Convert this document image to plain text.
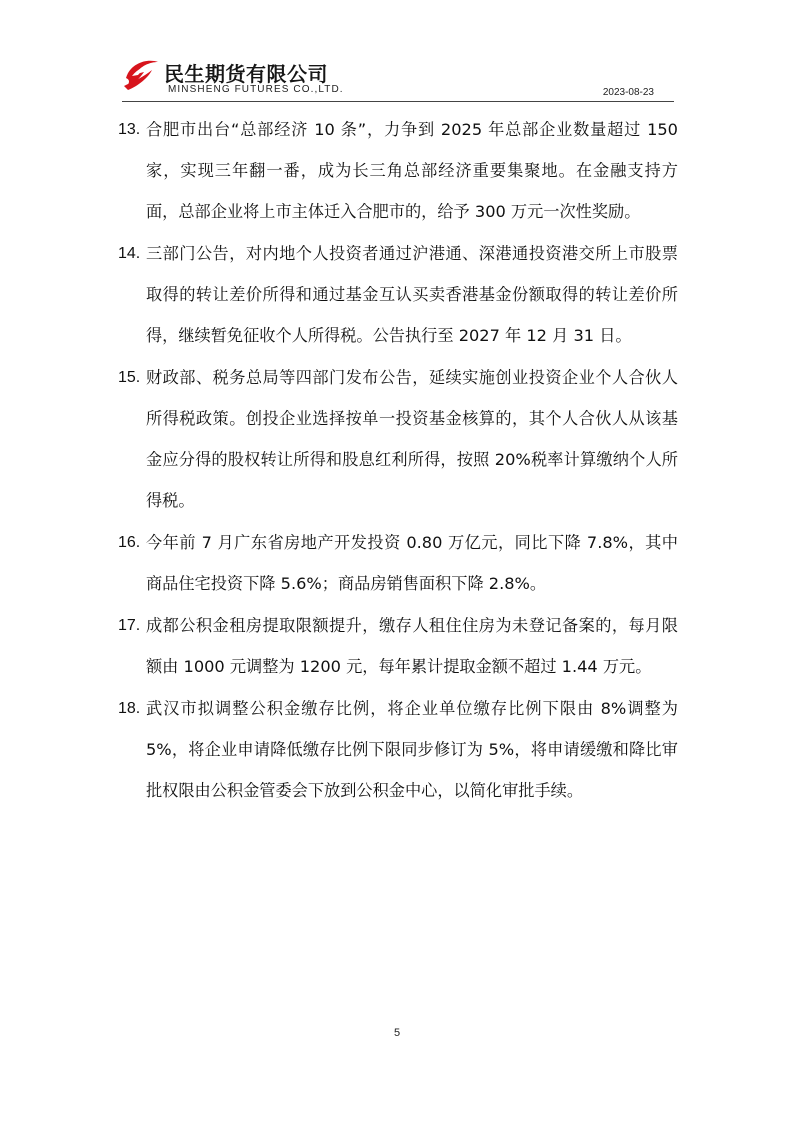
民生期货有限公司
MINSHENG FUTURES CO.,LTD.	2023-08-23
13. 合肥市出台“总部经济 10 条”，力争到 2025 年总部企业数量超过 150 家，实现三年翻一番，成为长三角总部经济重要集聚地。在金融支持方面，总部企业将上市主体迁入合肥市的，给予 300 万元一次性奖励。
14. 三部门公告，对内地个人投资者通过沪港通、深港通投资港交所上市股票取得的转让差价所得和通过基金互认买卖香港基金份额取得的转让差价所得，继续暂免征收个人所得税。公告执行至 2027 年 12 月 31 日。
15. 财政部、税务总局等四部门发布公告，延续实施创业投资企业个人合伙人所得税政策。创投企业选择按单一投资基金核算的，其个人合伙人从该基金应分得的股权转让所得和股息红利所得，按照 20%税率计算缴纳个人所得税。
16. 今年前 7 月广东省房地产开发投资 0.80 万亿元，同比下降 7.8%，其中商品住宅投资下降 5.6%；商品房销售面积下降 2.8%。
17. 成都公积金租房提取限额提升，缴存人租住住房为未登记备案的，每月限额由 1000 元调整为 1200 元，每年累计提取金额不超过 1.44 万元。
18. 武汉市拟调整公积金缴存比例，将企业单位缴存比例下限由 8%调整为 5%，将企业申请降低缴存比例下限同步修订为 5%，将申请缓缴和降比审批权限由公积金管委会下放到公积金中心，以简化审批手续。
5
